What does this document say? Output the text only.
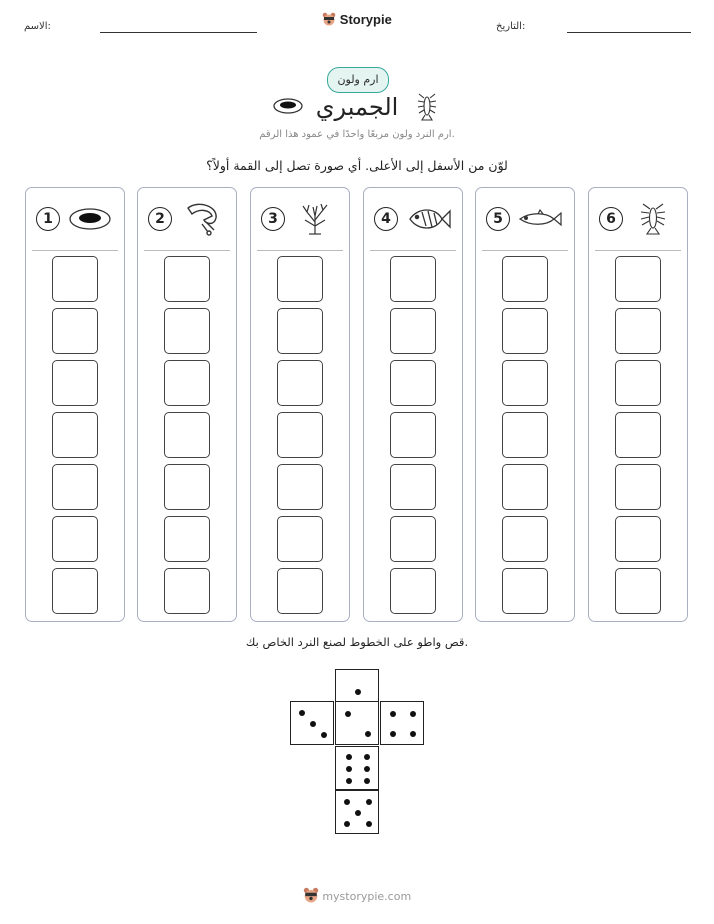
الاسم:	Storypie	التاريخ:
ارم ولون
الجمبري
ارم النرد ولون مربعًا واحدًا في عمود هذا الرقم.
لوّن من الأسفل إلى الأعلى. أي صورة تصل إلى القمة أولاً؟
1	2	3	4	5	6
قص واطو على الخطوط لصنع النرد الخاص بك.
mystorypie.com
